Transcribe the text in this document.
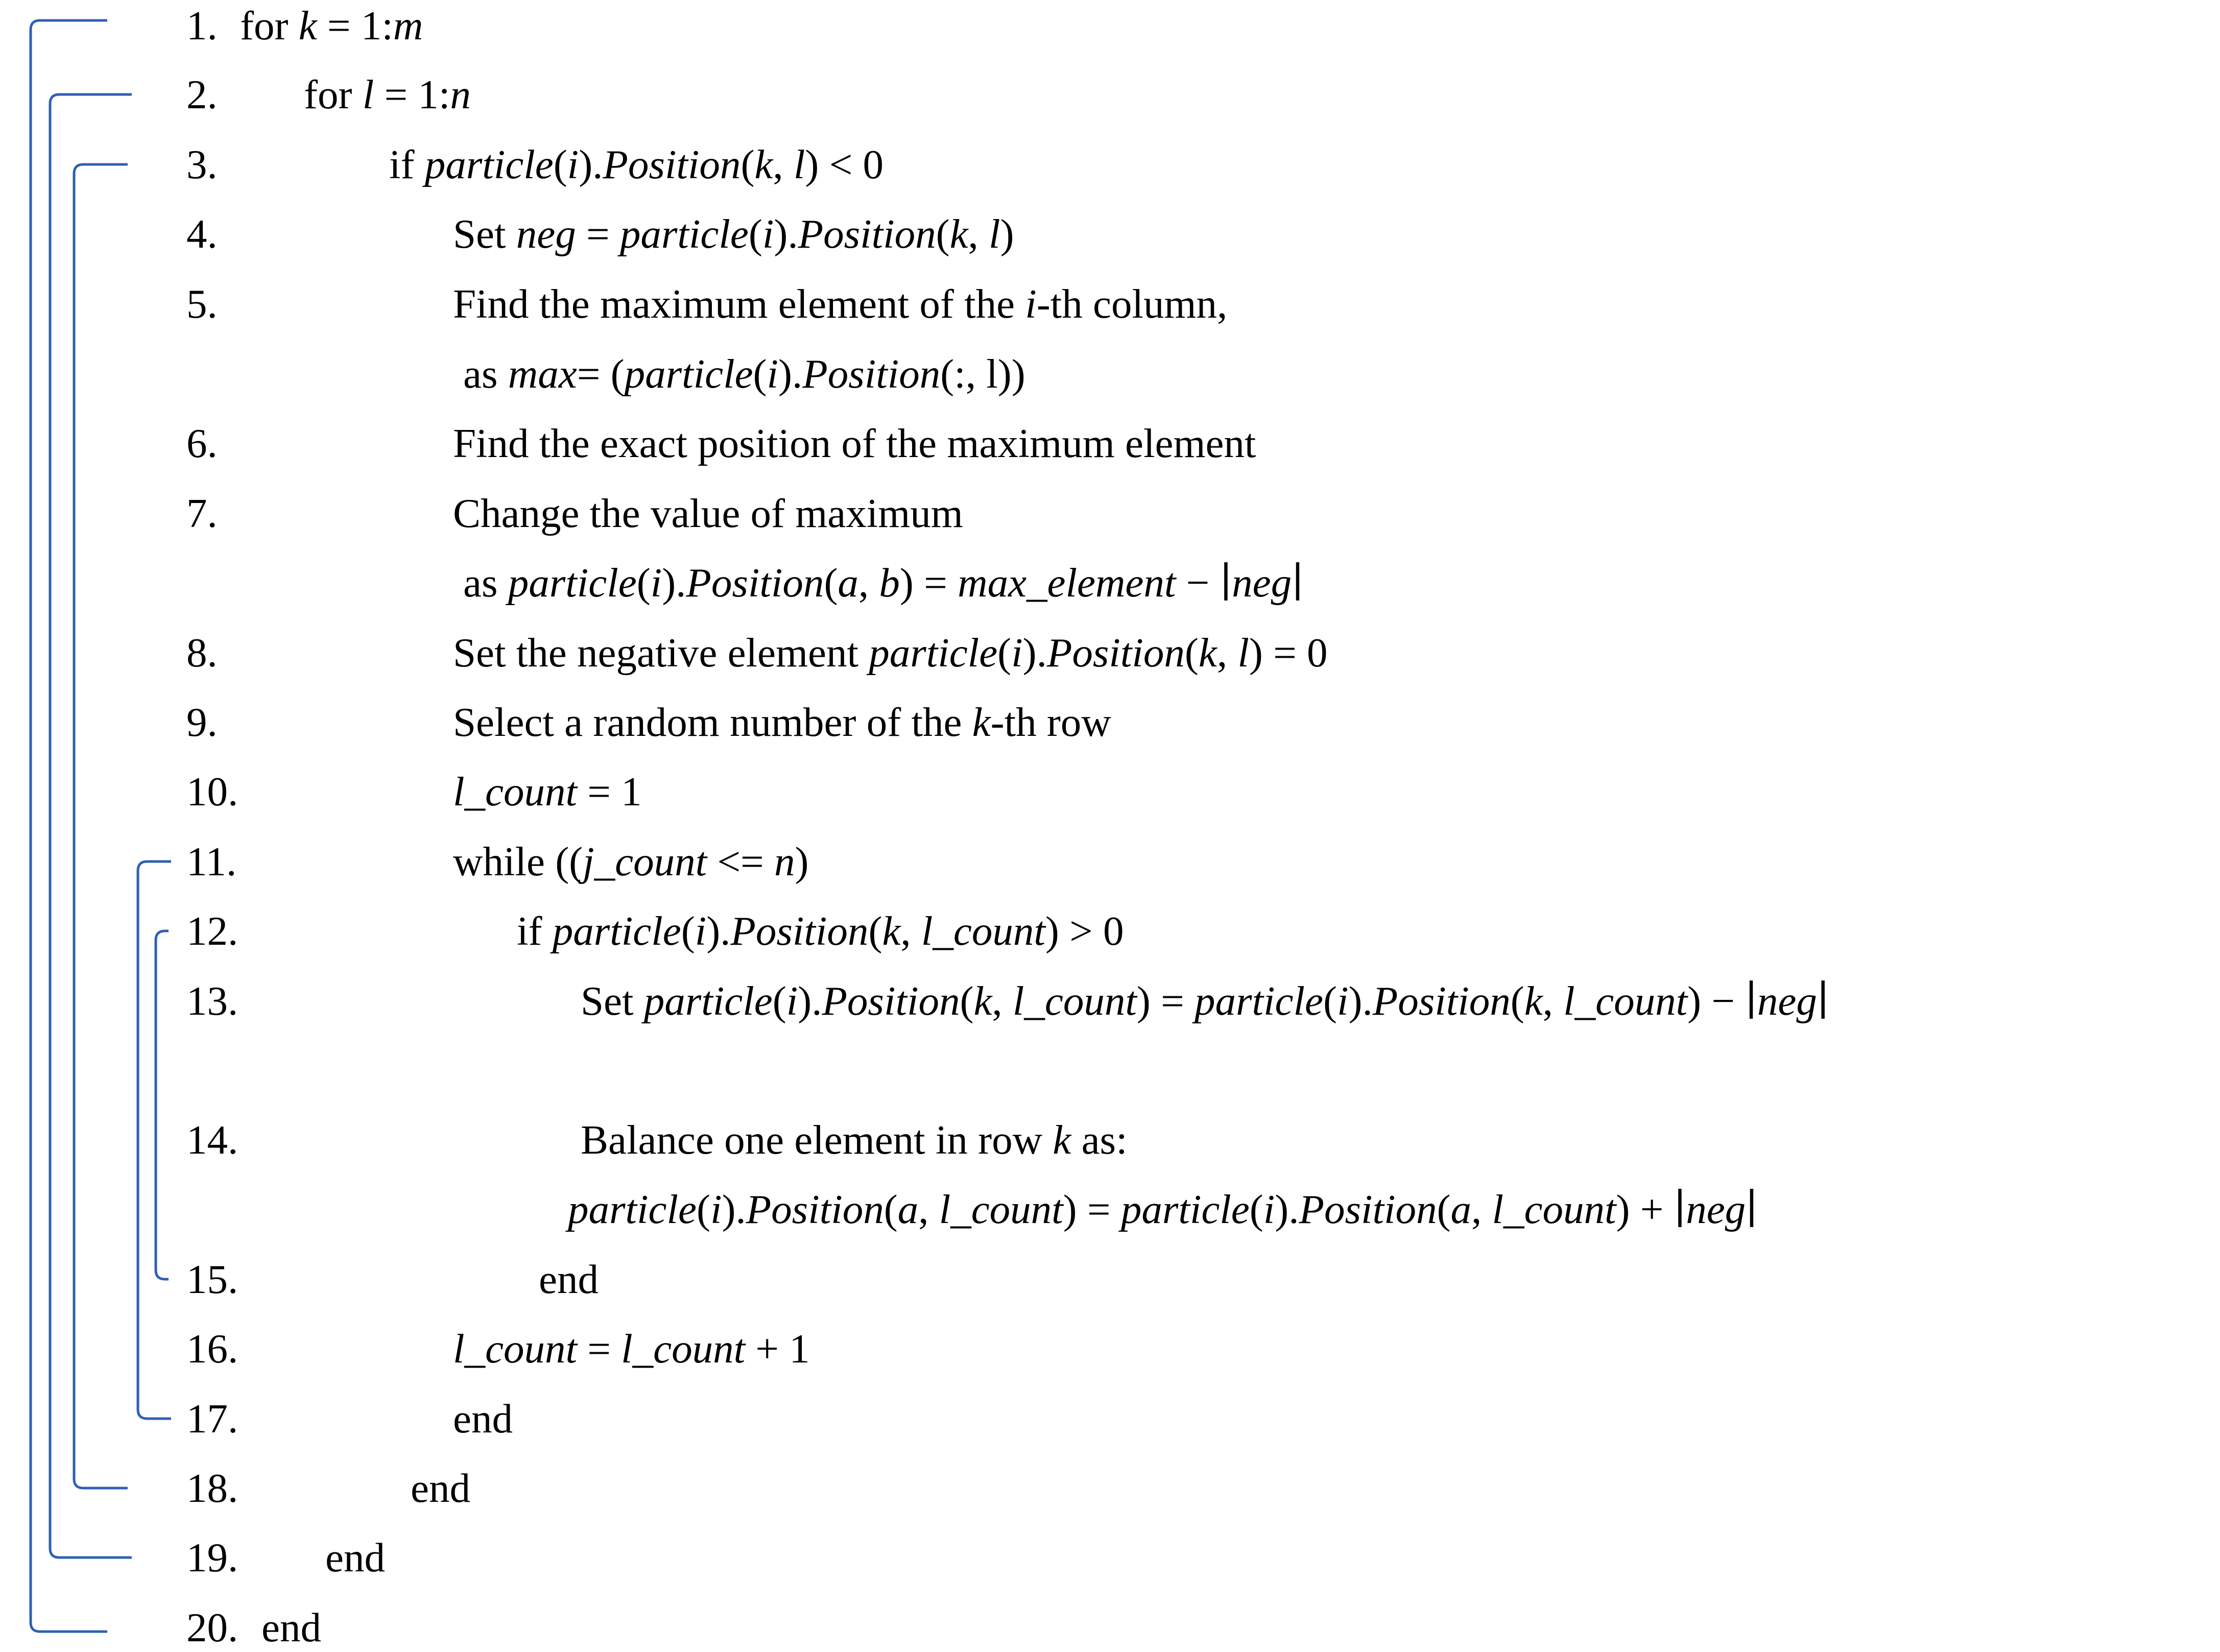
1. for k = 1:m
2. for l = 1:n
3.	if particle(i).Position(k, l) < 0
4.	Set neg = particle(i).Position(k, l)
5.	Find the maximum element of the i-th column,
as max= (particle(i).Position(:, l))
6.	Find the exact position of the maximum element
7.	Change the value of maximum
as particle(i).Position(a, b) = max_element − ∣neg∣
8.	Set the negative element particle(i).Position(k, l) = 0
9.	Select a random number of the k-th row
10.	l_count = 1
11.	while ((j_count <= n)
12.	if particle(i).Position(k, l_count) > 0
13.	Set particle(i).Position(k, l_count) = particle(i).Position(k, l_count) − ∣neg∣
14.	Balance one element in row k as:
particle(i).Position(a, l_count) = particle(i).Position(a, l_count) + ∣neg∣
15.	end
16.	l_count = l_count + 1
17.	end
18.	end
19. end
20. end
